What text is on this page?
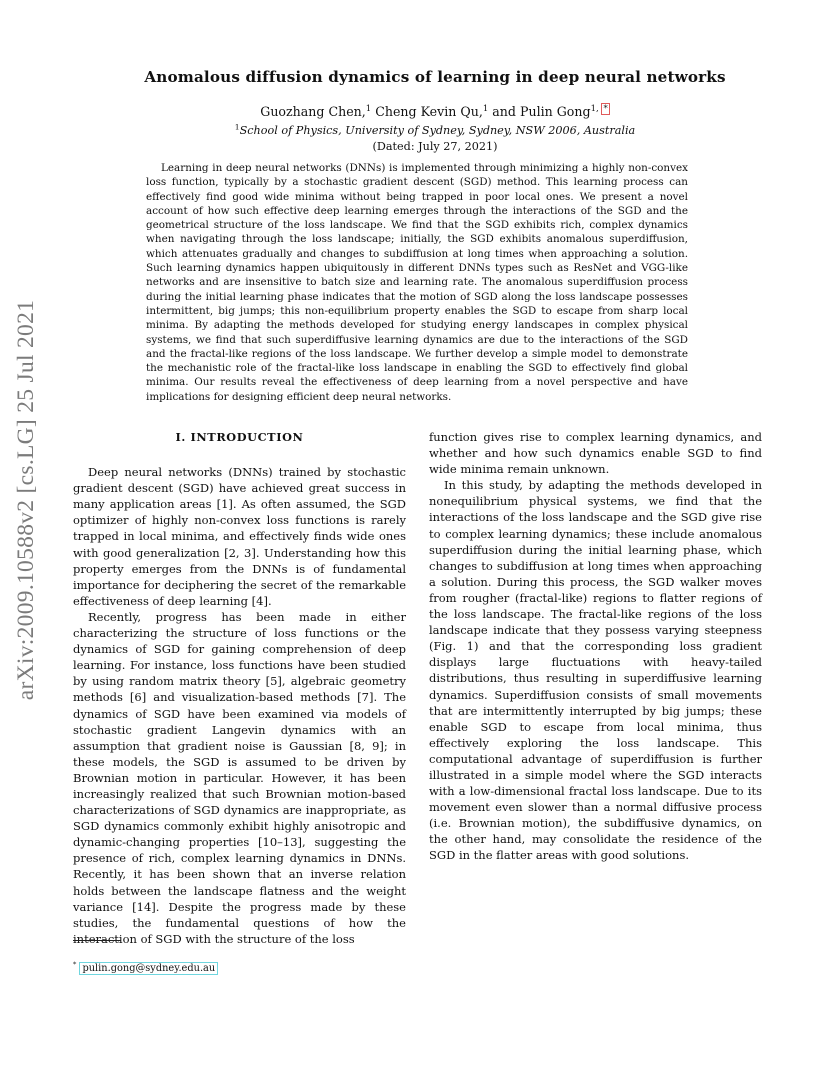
arXiv:2009.10588v2 [cs.LG] 25 Jul 2021
Anomalous diffusion dynamics of learning in deep neural networks
Guozhang Chen,$^1$ Cheng Kevin Qu,$^1$ and Pulin Gong$^{1, *}$
$^1$School of Physics, University of Sydney, Sydney, NSW 2006, Australia
(Dated: July 27, 2021)

Learning in deep neural networks (DNNs) is implemented through minimizing a highly non-convex loss function, typically by a stochastic gradient descent (SGD) method. This learning process can effectively find good wide minima without being trapped in poor local ones. We present a novel account of how such effective deep learning emerges through the interactions of the SGD and the geometrical structure of the loss landscape. We find that the SGD exhibits rich, complex dynamics when navigating through the loss landscape; initially, the SGD exhibits anomalous superdiffusion, which attenuates gradually and changes to subdiffusion at long times when approaching a solution. Such learning dynamics happen ubiquitously in different DNNs types such as ResNet and VGG-like networks and are insensitive to batch size and learning rate. The anomalous superdiffusion process during the initial learning phase indicates that the motion of SGD along the loss landscape possesses intermittent, big jumps; this non-equilibrium property enables the SGD to escape from sharp local minima. By adapting the methods developed for studying energy landscapes in complex physical systems, we find that such superdiffusive learning dynamics are due to the interactions of the SGD and the fractal-like regions of the loss landscape. We further develop a simple model to demonstrate the mechanistic role of the fractal-like loss landscape in enabling the SGD to effectively find global minima. Our results reveal the effectiveness of deep learning from a novel perspective and have implications for designing efficient deep neural networks.

I. INTRODUCTION

Deep neural networks (DNNs) trained by stochastic gradient descent (SGD) have achieved great success in many application areas [1]. As often assumed, the SGD optimizer of highly non-convex loss functions is rarely trapped in local minima, and effectively finds wide ones with good generalization [2, 3]. Understanding how this property emerges from the DNNs is of fundamental importance for deciphering the secret of the remarkable effectiveness of deep learning [4].

Recently, progress has been made in either characterizing the structure of loss functions or the dynamics of SGD for gaining comprehension of deep learning. For instance, loss functions have been studied by using random matrix theory [5], algebraic geometry methods [6] and visualization-based methods [7]. The dynamics of SGD have been examined via models of stochastic gradient Langevin dynamics with an assumption that gradient noise is Gaussian [8, 9]; in these models, the SGD is assumed to be driven by Brownian motion in particular. However, it has been increasingly realized that such Brownian motion-based characterizations of SGD dynamics are inappropriate, as SGD dynamics commonly exhibit highly anisotropic and dynamic-changing properties [10–13], suggesting the presence of rich, complex learning dynamics in DNNs. Recently, it has been shown that an inverse relation holds between the landscape flatness and the weight variance [14]. Despite the progress made by these studies, the fundamental questions of how the interaction of SGD with the structure of the loss

function gives rise to complex learning dynamics, and whether and how such dynamics enable SGD to find wide minima remain unknown.

In this study, by adapting the methods developed in nonequilibrium physical systems, we find that the interactions of the loss landscape and the SGD give rise to complex learning dynamics; these include anomalous superdiffusion during the initial learning phase, which changes to subdiffusion at long times when approaching a solution. During this process, the SGD walker moves from rougher (fractal-like) regions to flatter regions of the loss landscape. The fractal-like regions of the loss landscape indicate that they possess varying steepness (Fig. 1) and that the corresponding loss gradient displays large fluctuations with heavy-tailed distributions, thus resulting in superdiffusive learning dynamics. Superdiffusion consists of small movements that are intermittently interrupted by big jumps; these enable SGD to escape from local minima, thus effectively exploring the loss landscape. This computational advantage of superdiffusion is further illustrated in a simple model where the SGD interacts with a low-dimensional fractal loss landscape. Due to its movement even slower than a normal diffusive process (i.e. Brownian motion), the subdiffusive dynamics, on the other hand, may consolidate the residence of the SGD in the flatter areas with good solutions.

* pulin.gong@sydney.edu.au
